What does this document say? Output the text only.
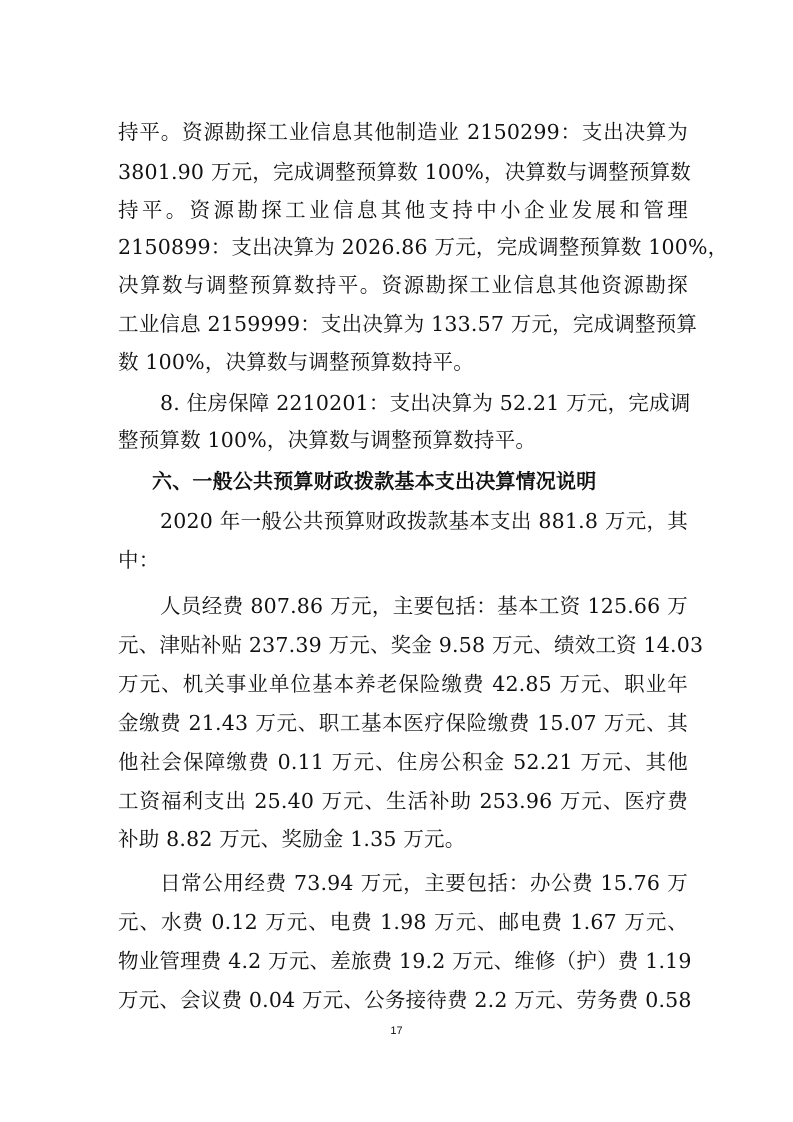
持平。资源勘探工业信息其他制造业 2150299：支出决算为
3801.90 万元，完成调整预算数 100%，决算数与调整预算数
持平。资源勘探工业信息其他支持中小企业发展和管理
2150899：支出决算为 2026.86 万元，完成调整预算数 100%，
决算数与调整预算数持平。资源勘探工业信息其他资源勘探
工业信息 2159999：支出决算为 133.57 万元，完成调整预算
数 100%，决算数与调整预算数持平。
8. 住房保障 2210201：支出决算为 52.21 万元，完成调
整预算数 100%，决算数与调整预算数持平。
六、一般公共预算财政拨款基本支出决算情况说明
2020 年一般公共预算财政拨款基本支出 881.8 万元，其
中：
人员经费 807.86 万元，主要包括：基本工资 125.66 万
元、津贴补贴 237.39 万元、奖金 9.58 万元、绩效工资 14.03
万元、机关事业单位基本养老保险缴费 42.85 万元、职业年
金缴费 21.43 万元、职工基本医疗保险缴费 15.07 万元、其
他社会保障缴费 0.11 万元、住房公积金 52.21 万元、其他
工资福利支出 25.40 万元、生活补助 253.96 万元、医疗费
补助 8.82 万元、奖励金 1.35 万元。
日常公用经费 73.94 万元，主要包括：办公费 15.76 万
元、水费 0.12 万元、电费 1.98 万元、邮电费 1.67 万元、
物业管理费 4.2 万元、差旅费 19.2 万元、维修（护）费 1.19
万元、会议费 0.04 万元、公务接待费 2.2 万元、劳务费 0.58
17
